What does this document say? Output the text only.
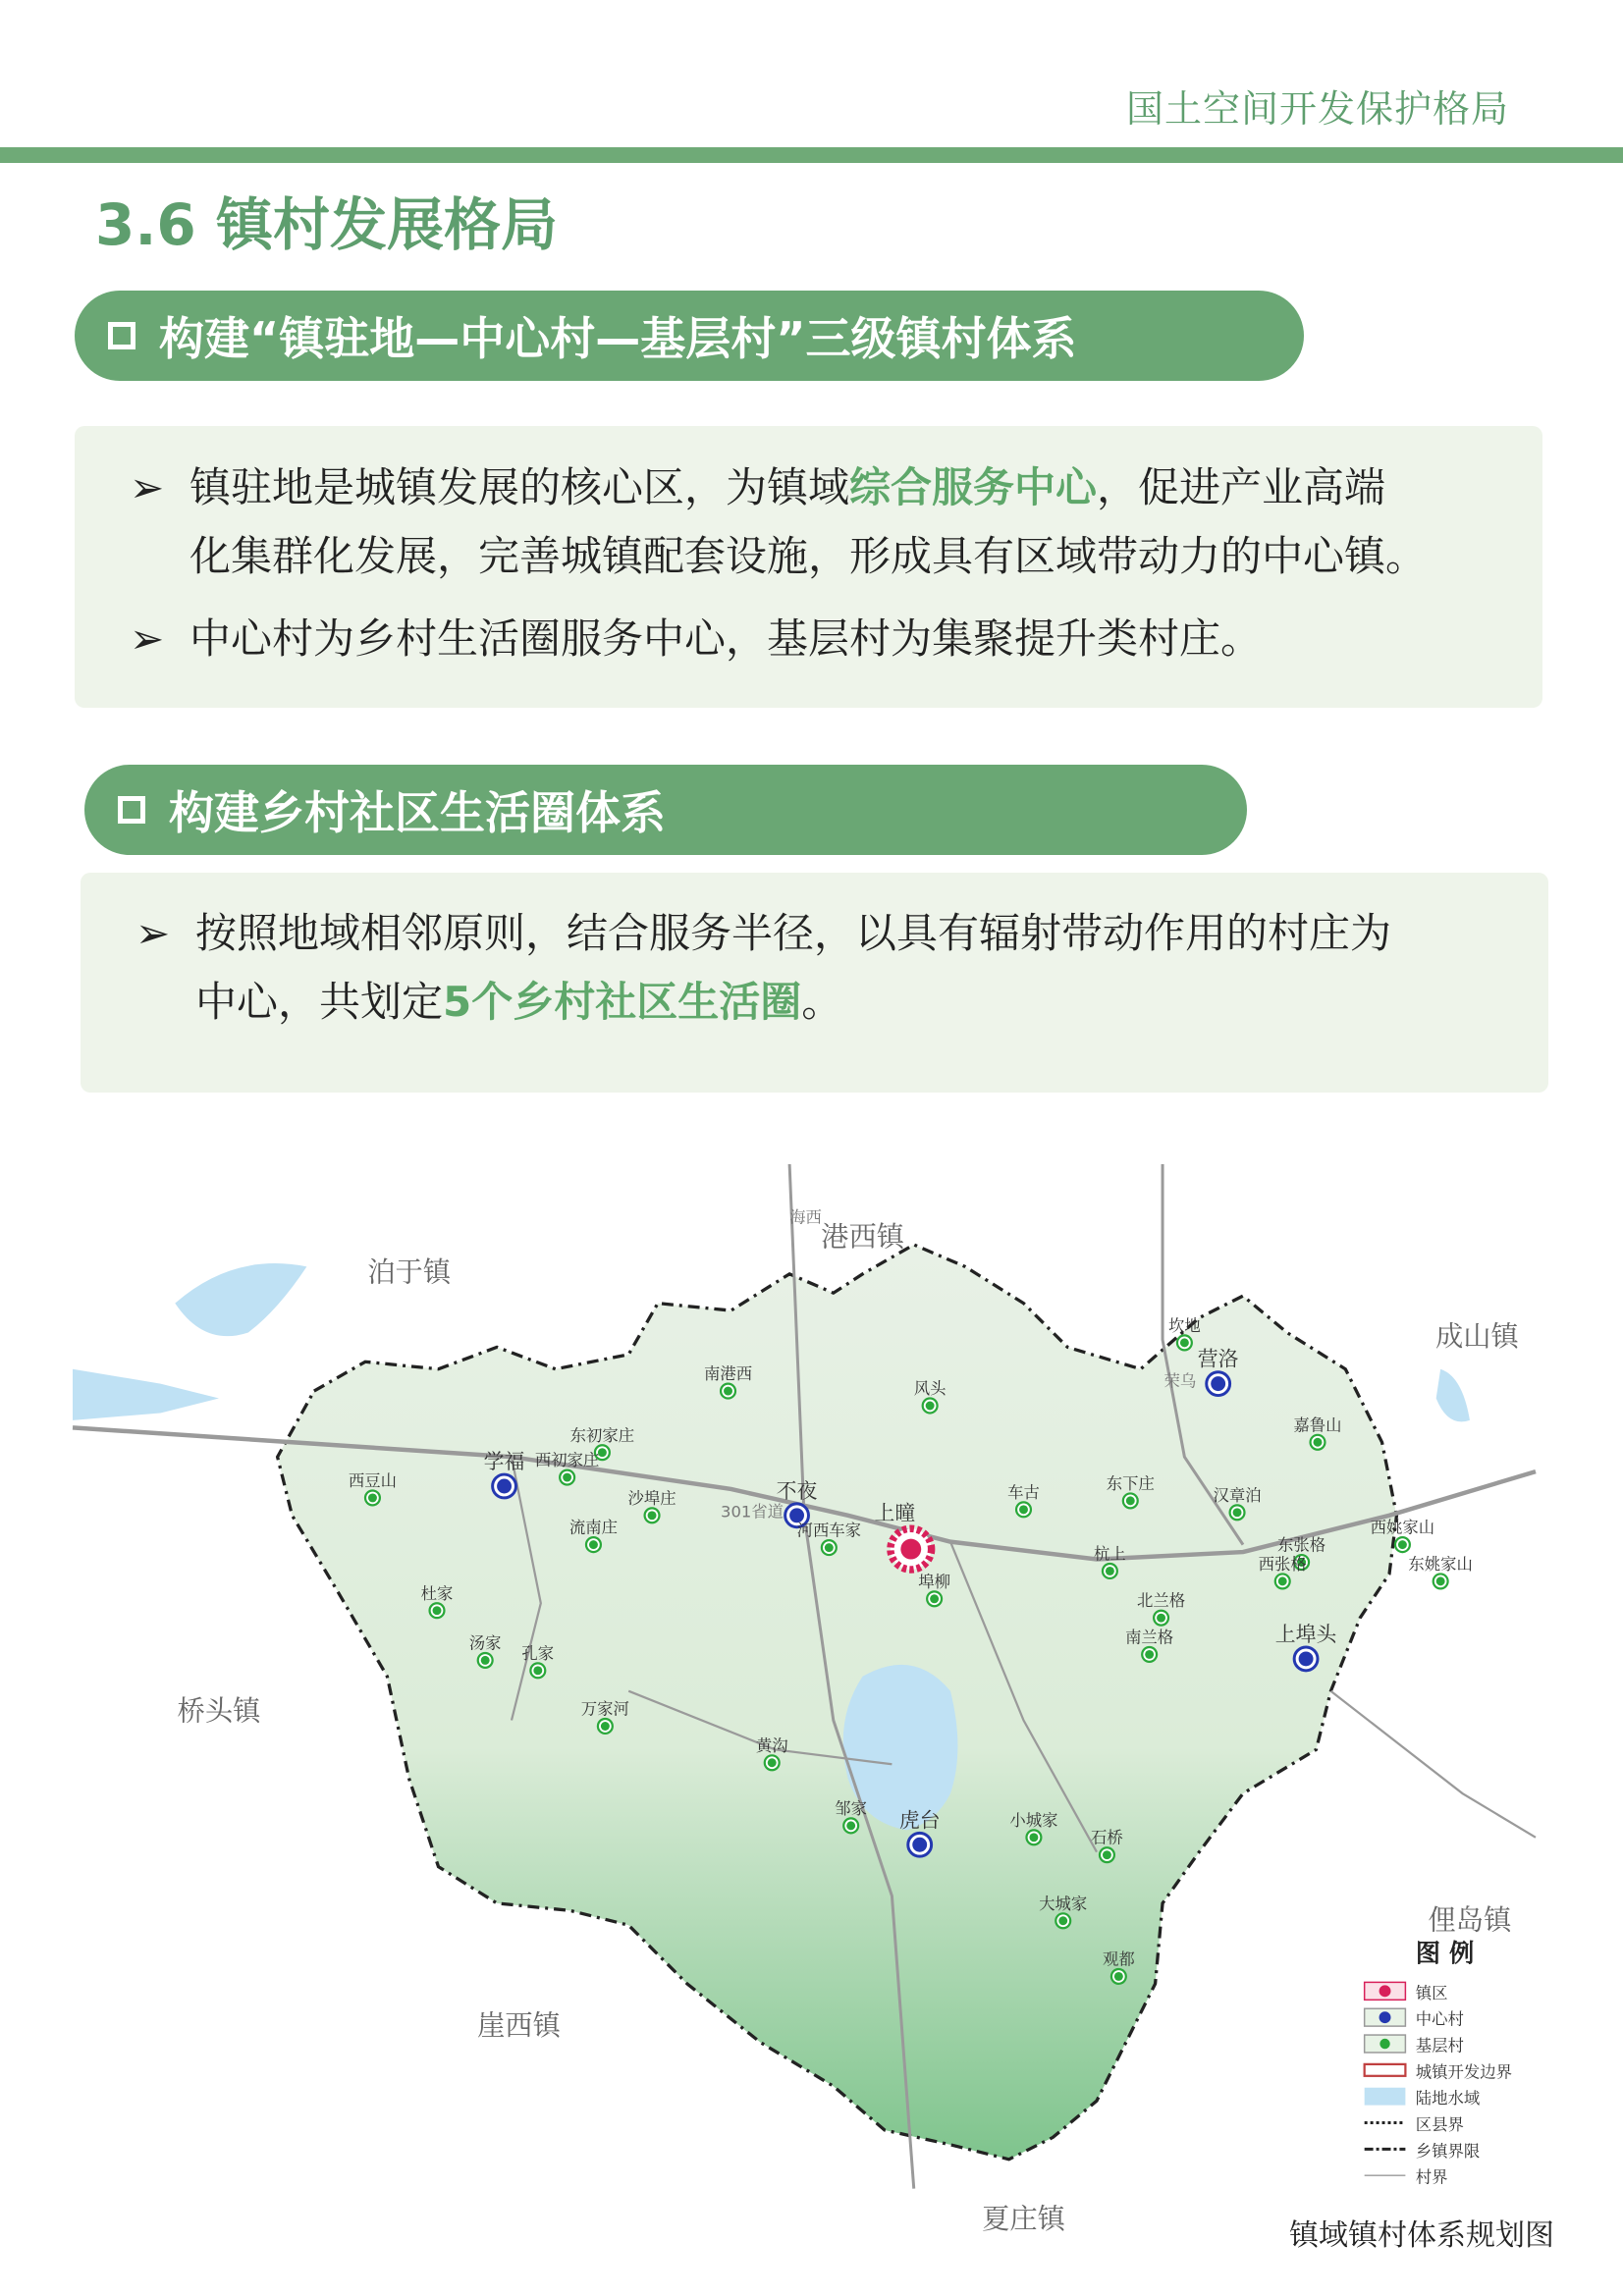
国土空间开发保护格局
3.6 镇村发展格局
构建“镇驻地—中心村—基层村”三级镇村体系
➢ 镇驻地是城镇发展的核心区，为镇域综合服务中心，促进产业高端
化集群化发展，完善城镇配套设施，形成具有区域带动力的中心镇。
➢ 中心村为乡村生活圈服务中心，基层村为集聚提升类村庄。
构建乡村社区生活圈体系
➢ 按照地域相邻原则，结合服务半径，以具有辐射带动作用的村庄为
中心，共划定5个乡村社区生活圈。
泊于镇
港西镇
成山镇
桥头镇
俚岛镇
崖西镇
夏庄镇
301省道
海西
荣乌
上曈
学福
不夜
营洛
上埠头
虎台
南港西
风头
坎地
东初家庄
西初家庄
西豆山
沙埠庄
嘉鲁山
车古	东下庄
汉章泊
流南庄	河西车家
东张格
西姚家山
东姚家山
杭上
西张格
埠柳
杜家	北兰格
汤家
孔家
南兰格
万家河
黄沟
邹家
小城家
石桥
大城家
观都	图 例
镇区
中心村
基层村
城镇开发边界
陆地水域
区县界
乡镇界限
村界
镇域镇村体系规划图
